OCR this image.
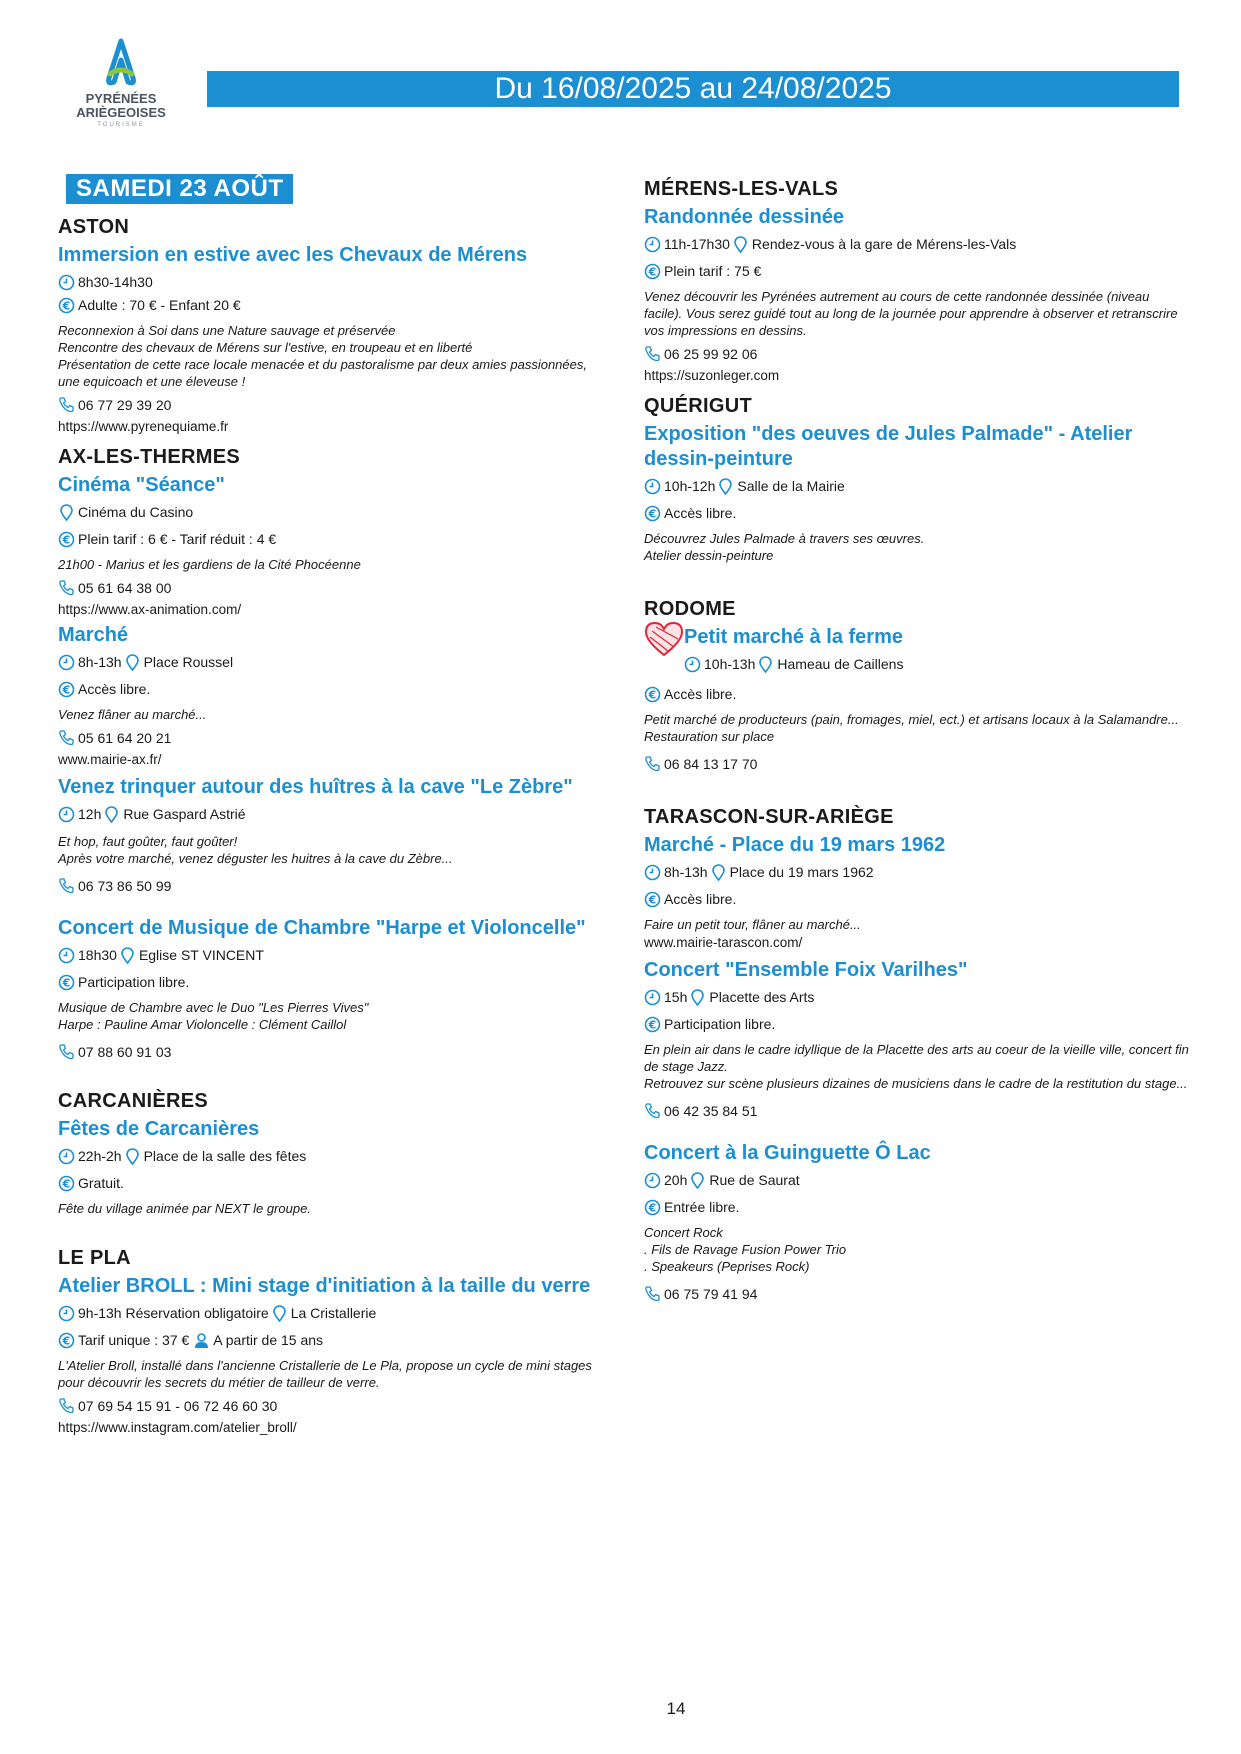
PYRÉNÉES
ARIÈGEOISES
TOURISME
Du 16/08/2025 au 24/08/2025
SAMEDI 23 AOÛT
ASTON
Immersion en estive avec les Chevaux de Mérens
8h30-14h30
€ Adulte : 70 € - Enfant 20 €
Reconnexion à Soi dans une Nature sauvage et préservée
Rencontre des chevaux de Mérens sur l'estive, en troupeau et en liberté
Présentation de cette race locale menacée et du pastoralisme par deux amies passionnées, une equicoach et une éleveuse !
06 77 29 39 20
https://www.pyrenequiame.fr
AX-LES-THERMES
Cinéma "Séance"
Cinéma du Casino
€ Plein tarif : 6 € - Tarif réduit : 4 €
21h00 - Marius et les gardiens de la Cité Phocéenne
05 61 64 38 00
https://www.ax-animation.com/
Marché
8h-13h Place Roussel
€ Accès libre.
Venez flâner au marché...
05 61 64 20 21
www.mairie-ax.fr/
Venez trinquer autour des huîtres à la cave "Le Zèbre"
12h Rue Gaspard Astrié
Et hop, faut goûter, faut goûter!
Après votre marché, venez déguster les huitres à la cave du Zèbre...
06 73 86 50 99
Concert de Musique de Chambre "Harpe et Violoncelle"
18h30 Eglise ST VINCENT
€ Participation libre.
Musique de Chambre avec le Duo "Les Pierres Vives"
Harpe : Pauline Amar Violoncelle : Clément Caillol
07 88 60 91 03
CARCANIÈRES
Fêtes de Carcanières
22h-2h Place de la salle des fêtes
€ Gratuit.
Fête du village animée par NEXT le groupe.
LE PLA
Atelier BROLL : Mini stage d'initiation à la taille du verre
9h-13h Réservation obligatoire La Cristallerie
€ Tarif unique : 37 € A partir de 15 ans
L'Atelier Broll, installé dans l'ancienne Cristallerie de Le Pla, propose un cycle de mini stages pour découvrir les secrets du métier de tailleur de verre.
07 69 54 15 91 - 06 72 46 60 30
https://www.instagram.com/atelier_broll/
MÉRENS-LES-VALS
Randonnée dessinée
11h-17h30 Rendez-vous à la gare de Mérens-les-Vals
€ Plein tarif : 75 €
Venez découvrir les Pyrénées autrement au cours de cette randonnée dessinée (niveau facile). Vous serez guidé tout au long de la journée pour apprendre à observer et retranscrire vos impressions en dessins.
06 25 99 92 06
https://suzonleger.com
QUÉRIGUT
Exposition "des oeuves de Jules Palmade" - Atelier dessin-peinture
10h-12h Salle de la Mairie
€ Accès libre.
Découvrez Jules Palmade à travers ses œuvres.
Atelier dessin-peinture
RODOME
Petit marché à la ferme
10h-13h Hameau de Caillens
€ Accès libre.
Petit marché de producteurs (pain, fromages, miel, ect.) et artisans locaux à la Salamandre...
Restauration sur place
06 84 13 17 70
TARASCON-SUR-ARIÈGE
Marché - Place du 19 mars 1962
8h-13h Place du 19 mars 1962
€ Accès libre.
Faire un petit tour, flâner au marché...
www.mairie-tarascon.com/
Concert "Ensemble Foix Varilhes"
15h Placette des Arts
€ Participation libre.
En plein air dans le cadre idyllique de la Placette des arts au coeur de la vieille ville, concert fin de stage Jazz.
Retrouvez sur scène plusieurs dizaines de musiciens dans le cadre de la restitution du stage...
06 42 35 84 51
Concert à la Guinguette Ô Lac
20h Rue de Saurat
€ Entrée libre.
Concert Rock
. Fils de Ravage Fusion Power Trio
. Speakeurs (Peprises Rock)
06 75 79 41 94
14
